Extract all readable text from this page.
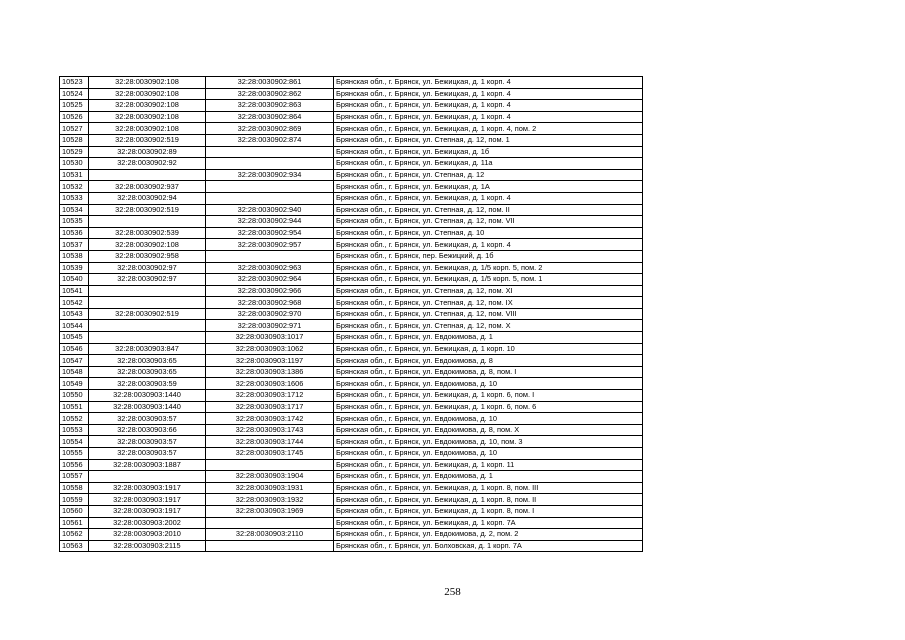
10523	32:28:0030902:108	32:28:0030902:861	Брянская обл., г. Брянск, ул. Бежицкая, д. 1 корп. 4
10524	32:28:0030902:108	32:28:0030902:862	Брянская обл., г. Брянск, ул. Бежицкая, д. 1 корп. 4
10525	32:28:0030902:108	32:28:0030902:863	Брянская обл., г. Брянск, ул. Бежицкая, д. 1 корп. 4
10526	32:28:0030902:108	32:28:0030902:864	Брянская обл., г. Брянск, ул. Бежицкая, д. 1 корп. 4
10527	32:28:0030902:108	32:28:0030902:869	Брянская обл., г. Брянск, ул. Бежицкая, д. 1 корп. 4, пом. 2
10528	32:28:0030902:519	32:28:0030902:874	Брянская обл., г. Брянск, ул. Степная, д. 12, пом. 1
10529	32:28:0030902:89		Брянская обл., г. Брянск, ул. Бежицкая, д. 1б
10530	32:28:0030902:92		Брянская обл., г. Брянск, ул. Бежицкая, д. 11а
10531		32:28:0030902:934	Брянская обл., г. Брянск, ул. Степная, д. 12
10532	32:28:0030902:937		Брянская обл., г. Брянск, ул. Бежицкая, д. 1А
10533	32:28:0030902:94		Брянская обл., г. Брянск, ул. Бежицкая, д. 1 корп. 4
10534	32:28:0030902:519	32:28:0030902:940	Брянская обл., г. Брянск, ул. Степная, д. 12, пом. II
10535		32:28:0030902:944	Брянская обл., г. Брянск, ул. Степная, д. 12, пом. VII
10536	32:28:0030902:539	32:28:0030902:954	Брянская обл., г. Брянск, ул. Степная, д. 10
10537	32:28:0030902:108	32:28:0030902:957	Брянская обл., г. Брянск, ул. Бежицкая, д. 1 корп. 4
10538	32:28:0030902:958		Брянская обл., г. Брянск, пер. Бежицкий, д. 1б
10539	32:28:0030902:97	32:28:0030902:963	Брянская обл., г. Брянск, ул. Бежицкая, д. 1/5 корп. 5, пом. 2
10540	32:28:0030902:97	32:28:0030902:964	Брянская обл., г. Брянск, ул. Бежицкая, д. 1/5 корп. 5, пом. 1
10541		32:28:0030902:966	Брянская обл., г. Брянск, ул. Степная, д. 12, пом. XI
10542		32:28:0030902:968	Брянская обл., г. Брянск, ул. Степная, д. 12, пом. IX
10543	32:28:0030902:519	32:28:0030902:970	Брянская обл., г. Брянск, ул. Степная, д. 12, пом. VIII
10544		32:28:0030902:971	Брянская обл., г. Брянск, ул. Степная, д. 12, пом. X
10545		32:28:0030903:1017	Брянская обл., г. Брянск, ул. Евдокимова, д. 1
10546	32:28:0030903:847	32:28:0030903:1062	Брянская обл., г. Брянск, ул. Бежицкая, д. 1 корп. 10
10547	32:28:0030903:65	32:28:0030903:1197	Брянская обл., г. Брянск, ул. Евдокимова, д. 8
10548	32:28:0030903:65	32:28:0030903:1386	Брянская обл., г. Брянск, ул. Евдокимова, д. 8, пом. I
10549	32:28:0030903:59	32:28:0030903:1606	Брянская обл., г. Брянск, ул. Евдокимова, д. 10
10550	32:28:0030903:1440	32:28:0030903:1712	Брянская обл., г. Брянск, ул. Бежицкая, д. 1 корп. 6, пом. I
10551	32:28:0030903:1440	32:28:0030903:1717	Брянская обл., г. Брянск, ул. Бежицкая, д. 1 корп. 6, пом. 6
10552	32:28:0030903:57	32:28:0030903:1742	Брянская обл., г. Брянск, ул. Евдокимова, д. 10
10553	32:28:0030903:66	32:28:0030903:1743	Брянская обл., г. Брянск, ул. Евдокимова, д. 8, пом. X
10554	32:28:0030903:57	32:28:0030903:1744	Брянская обл., г. Брянск, ул. Евдокимова, д. 10, пом. 3
10555	32:28:0030903:57	32:28:0030903:1745	Брянская обл., г. Брянск, ул. Евдокимова, д. 10
10556	32:28:0030903:1887		Брянская обл., г. Брянск, ул. Бежицкая, д. 1 корп. 11
10557		32:28:0030903:1904	Брянская обл., г. Брянск, ул. Евдокимова, д. 1
10558	32:28:0030903:1917	32:28:0030903:1931	Брянская обл., г. Брянск, ул. Бежицкая, д. 1 корп. 8, пом. III
10559	32:28:0030903:1917	32:28:0030903:1932	Брянская обл., г. Брянск, ул. Бежицкая, д. 1 корп. 8, пом. II
10560	32:28:0030903:1917	32:28:0030903:1969	Брянская обл., г. Брянск, ул. Бежицкая, д. 1 корп. 8, пом. I
10561	32:28:0030903:2002		Брянская обл., г. Брянск, ул. Бежицкая, д. 1 корп. 7А
10562	32:28:0030903:2010	32:28:0030903:2110	Брянская обл., г. Брянск, ул. Евдокимова, д. 2, пом. 2
10563	32:28:0030903:2115		Брянская обл., г. Брянск, ул. Болховская, д. 1 корп. 7А
258
